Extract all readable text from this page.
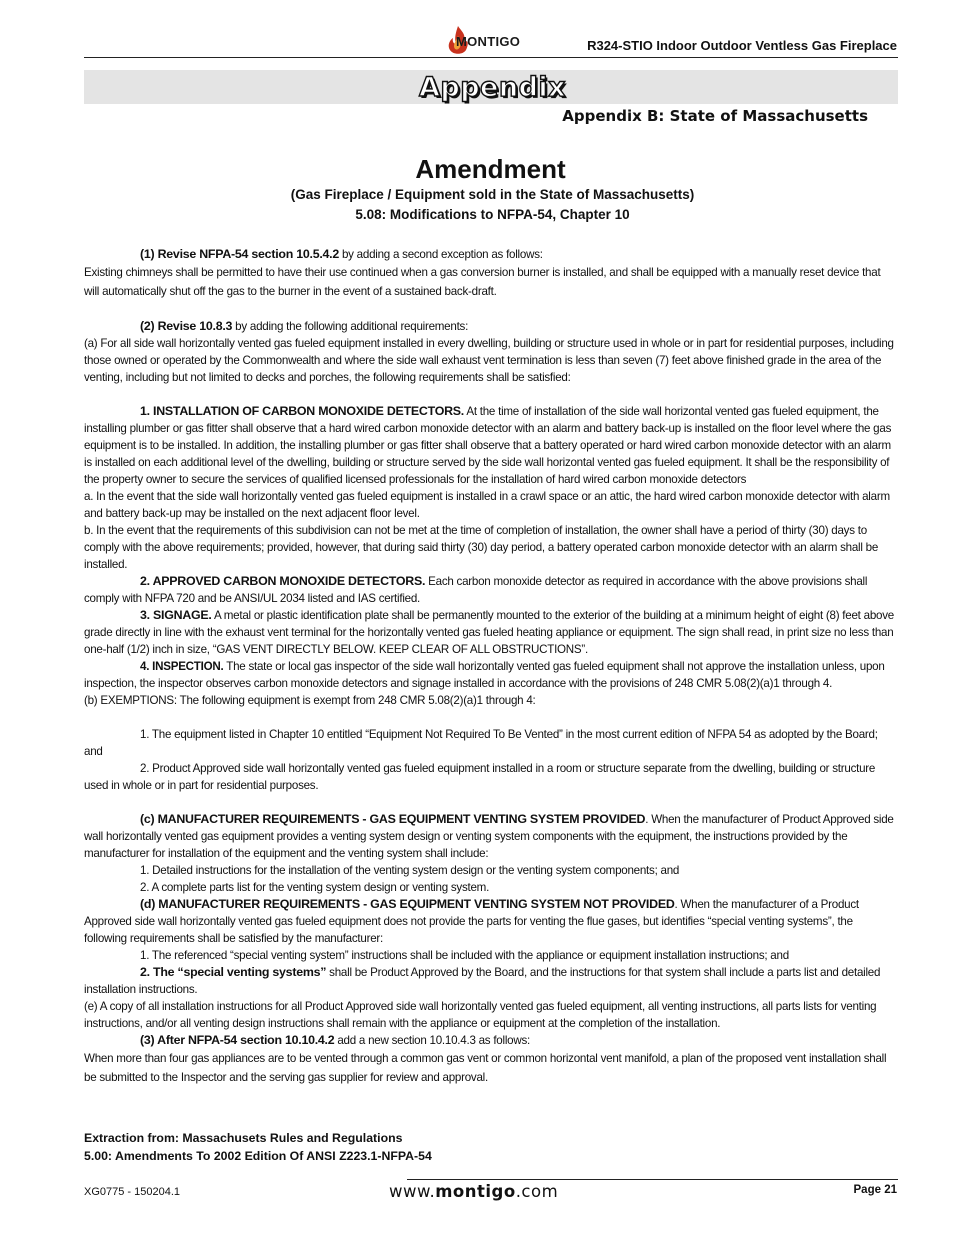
MONTIGO	R324-STIO Indoor Outdoor Ventless Gas Fireplace
Appendix
Appendix B: State of Massachusetts
Amendment
(Gas Fireplace / Equipment sold in the State of Massachusetts)
5.08: Modifications to NFPA-54, Chapter 10

(1) Revise NFPA-54 section 10.5.4.2 by adding a second exception as follows:

Existing chimneys shall be permitted to have their use continued when a gas conversion burner is installed, and shall be equipped with a manually reset device that will automatically shut off the gas to the burner in the event of a sustained back-draft.

(2) Revise 10.8.3 by adding the following additional requirements:

(a) For all side wall horizontally vented gas fueled equipment installed in every dwelling, building or structure used in whole or in part for residential purposes, including those owned or operated by the Commonwealth and where the side wall exhaust vent termination is less than seven (7) feet above finished grade in the area of the venting, including but not limited to decks and porches, the following requirements shall be satisfied:

1. INSTALLATION OF CARBON MONOXIDE DETECTORS. At the time of installation of the side wall horizontal vented gas fueled equipment, the installing plumber or gas fitter shall observe that a hard wired carbon monoxide detector with an alarm and battery back-up is installed on the floor level where the gas equipment is to be installed. In addition, the installing plumber or gas fitter shall observe that a battery operated or hard wired carbon monoxide detector with an alarm is installed on each additional level of the dwelling, building or structure served by the side wall horizontal vented gas fueled equipment. It shall be the responsibility of the property owner to secure the services of qualified licensed professionals for the installation of hard wired carbon monoxide detectors

a. In the event that the side wall horizontally vented gas fueled equipment is installed in a crawl space or an attic, the hard wired carbon monoxide detector with alarm and battery back-up may be installed on the next adjacent floor level.

b. In the event that the requirements of this subdivision can not be met at the time of completion of installation, the owner shall have a period of thirty (30) days to comply with the above requirements; provided, however, that during said thirty (30) day period, a battery operated carbon monoxide detector with an alarm shall be installed.

2. APPROVED CARBON MONOXIDE DETECTORS. Each carbon monoxide detector as required in accordance with the above provisions shall comply with NFPA 720 and be ANSI/UL 2034 listed and IAS certified.

3. SIGNAGE. A metal or plastic identification plate shall be permanently mounted to the exterior of the building at a minimum height of eight (8) feet above grade directly in line with the exhaust vent terminal for the horizontally vented gas fueled heating appliance or equipment. The sign shall read, in print size no less than one-half (1/2) inch in size, “GAS VENT DIRECTLY BELOW. KEEP CLEAR OF ALL OBSTRUCTIONS”.

4. INSPECTION. The state or local gas inspector of the side wall horizontally vented gas fueled equipment shall not approve the installation unless, upon inspection, the inspector observes carbon monoxide detectors and signage installed in accordance with the provisions of 248 CMR 5.08(2)(a)1 through 4.

(b) EXEMPTIONS: The following equipment is exempt from 248 CMR 5.08(2)(a)1 through 4:

1. The equipment listed in Chapter 10 entitled “Equipment Not Required To Be Vented” in the most current edition of NFPA 54 as adopted by the Board; and

2. Product Approved side wall horizontally vented gas fueled equipment installed in a room or structure separate from the dwelling, building or structure used in whole or in part for residential purposes.

(c) MANUFACTURER REQUIREMENTS - GAS EQUIPMENT VENTING SYSTEM PROVIDED. When the manufacturer of Product Approved side wall horizontally vented gas equipment provides a venting system design or venting system components with the equipment, the instructions provided by the manufacturer for installation of the equipment and the venting system shall include:

1. Detailed instructions for the installation of the venting system design or the venting system components; and

2. A complete parts list for the venting system design or venting system.

(d) MANUFACTURER REQUIREMENTS - GAS EQUIPMENT VENTING SYSTEM NOT PROVIDED. When the manufacturer of a Product Approved side wall horizontally vented gas fueled equipment does not provide the parts for venting the flue gases, but identifies “special venting systems”, the following requirements shall be satisfied by the manufacturer:

1. The referenced “special venting system” instructions shall be included with the appliance or equipment installation instructions; and

2. The “special venting systems” shall be Product Approved by the Board, and the instructions for that system shall include a parts list and detailed installation instructions.

(e) A copy of all installation instructions for all Product Approved side wall horizontally vented gas fueled equipment, all venting instructions, all parts lists for venting instructions, and/or all venting design instructions shall remain with the appliance or equipment at the completion of the installation.

(3) After NFPA-54 section 10.10.4.2 add a new section 10.10.4.3 as follows:

When more than four gas appliances are to be vented through a common gas vent or common horizontal vent manifold, a plan of the proposed vent installation shall be submitted to the Inspector and the serving gas supplier for review and approval.

Extraction from: Massachusets Rules and Regulations
5.00: Amendments To 2002 Edition Of ANSI Z223.1-NFPA-54
XG0775 - 150204.1	www.montigo.com	Page 21
